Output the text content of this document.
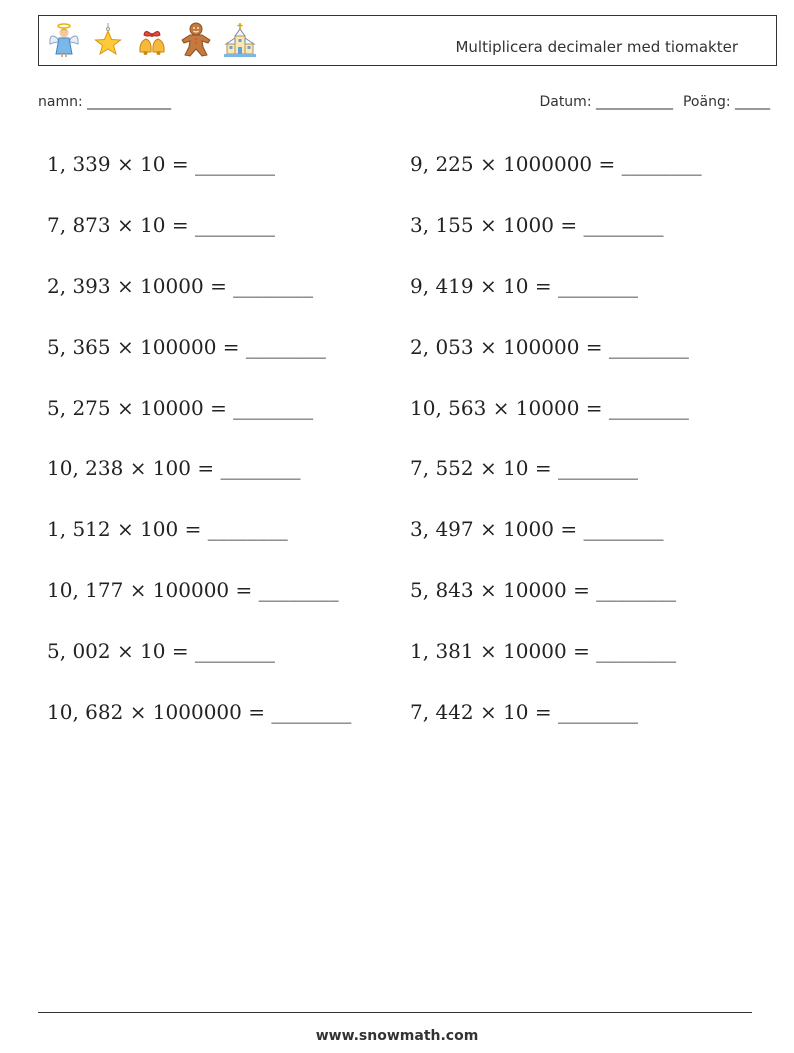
Multiplicera decimaler med tiomakter
namn: ____________	Datum: ___________ Poäng: _____
1, 339 × 10 = ________
7, 873 × 10 = ________
2, 393 × 10000 = ________
5, 365 × 100000 = ________
5, 275 × 10000 = ________
10, 238 × 100 = ________
1, 512 × 100 = ________
10, 177 × 100000 = ________
5, 002 × 10 = ________
10, 682 × 1000000 = ________
9, 225 × 1000000 = ________
3, 155 × 1000 = ________
9, 419 × 10 = ________
2, 053 × 100000 = ________
10, 563 × 10000 = ________
7, 552 × 10 = ________
3, 497 × 1000 = ________
5, 843 × 10000 = ________
1, 381 × 10000 = ________
7, 442 × 10 = ________
www.snowmath.com
